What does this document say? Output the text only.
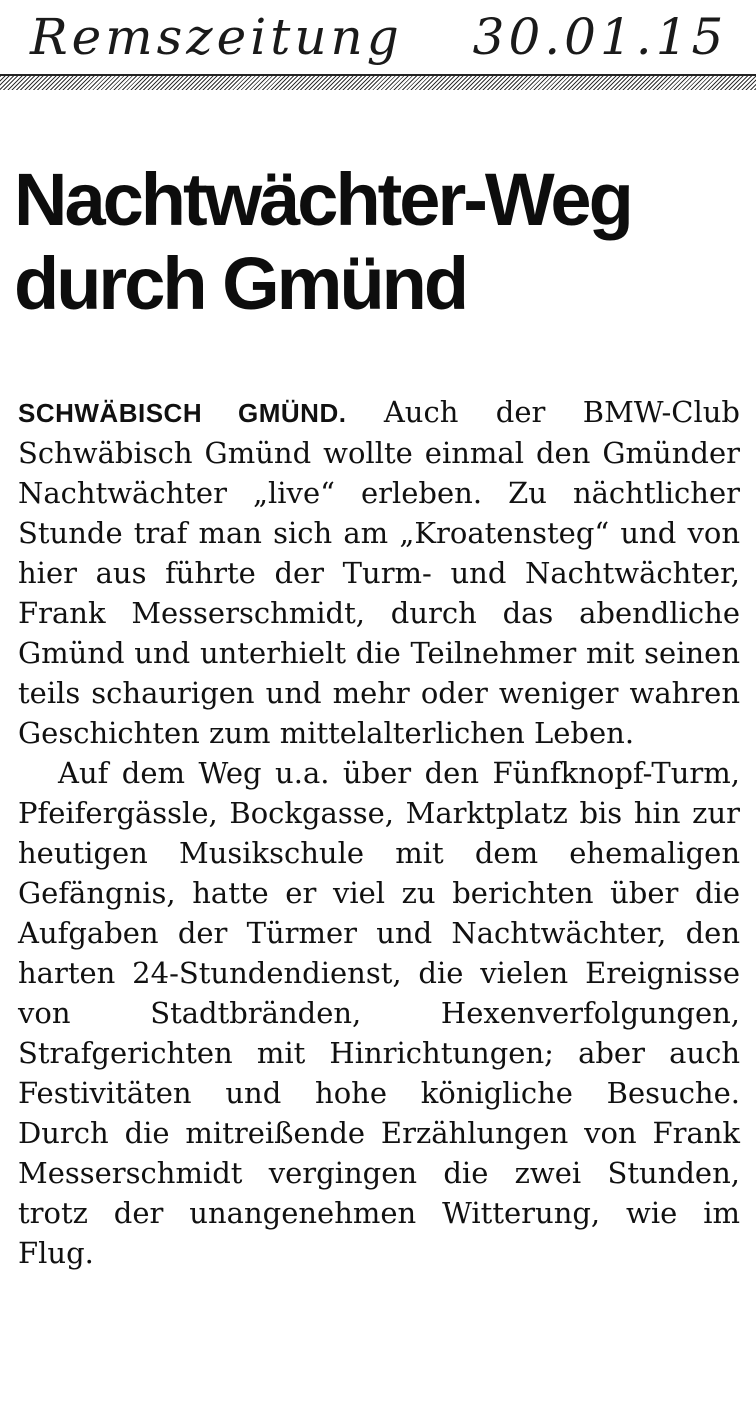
Remszeitung 30.01.15
Nachtwächter-Weg
durch Gmünd

SCHWÄBISCH GMÜND. Auch der BMW-Club Schwäbisch Gmünd wollte einmal den Gmünder Nachtwächter „live“ erleben. Zu nächtlicher Stunde traf man sich am „Kroatensteg“ und von hier aus führte der Turm- und Nachtwächter, Frank Messerschmidt, durch das abendliche Gmünd und unterhielt die Teilnehmer mit seinen teils schaurigen und mehr oder weniger wahren Geschichten zum mittelalterlichen Leben.

Auf dem Weg u.a. über den Fünfknopf-Turm, Pfeifergässle, Bockgasse, Marktplatz bis hin zur heutigen Musikschule mit dem ehemaligen Gefängnis, hatte er viel zu berichten über die Aufgaben der Türmer und Nachtwächter, den harten 24-Stundendienst, die vielen Ereignisse von Stadtbränden, Hexenverfolgungen, Strafgerichten mit Hinrichtungen; aber auch Festivitäten und hohe königliche Besuche. Durch die mitreißende Erzählungen von Frank Messerschmidt vergingen die zwei Stunden, trotz der unangenehmen Witterung, wie im Flug.
